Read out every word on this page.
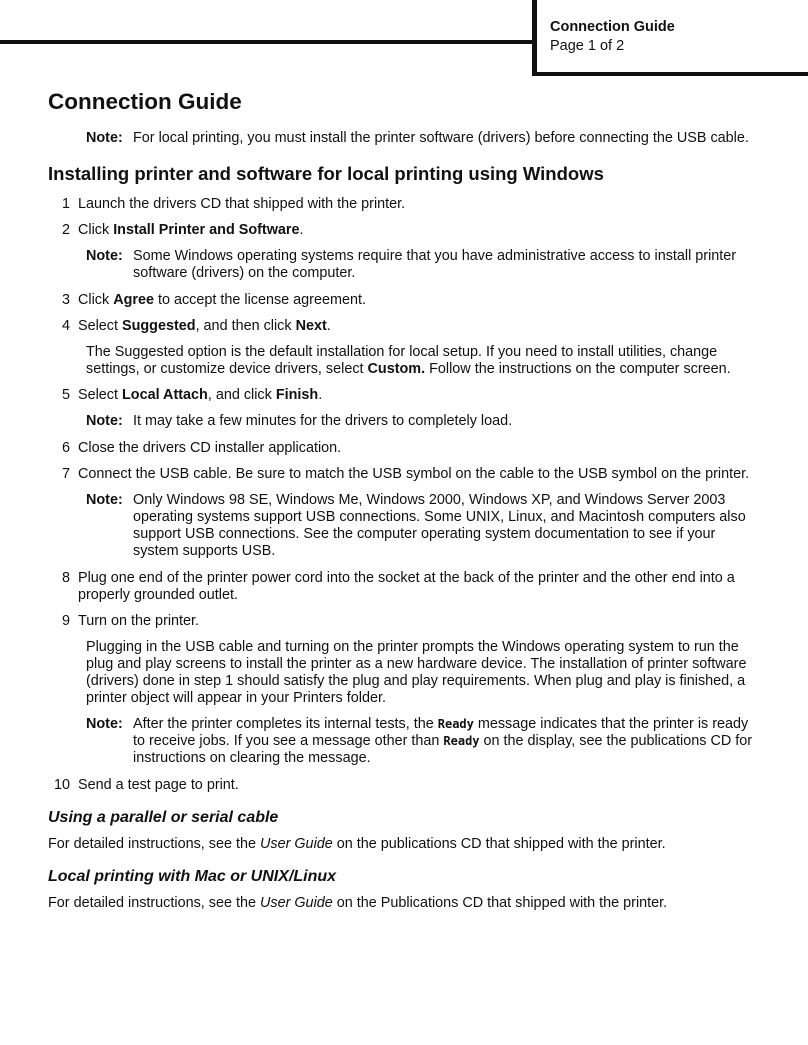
Connection Guide
Page 1 of 2
Connection Guide
Note: For local printing, you must install the printer software (drivers) before connecting the USB cable.
Installing printer and software for local printing using Windows
1 Launch the drivers CD that shipped with the printer.
2 Click Install Printer and Software.
Note: Some Windows operating systems require that you have administrative access to install printer software (drivers) on the computer.
3 Click Agree to accept the license agreement.
4 Select Suggested, and then click Next.

The Suggested option is the default installation for local setup. If you need to install utilities, change settings, or customize device drivers, select Custom. Follow the instructions on the computer screen.

5 Select Local Attach, and click Finish.
Note: It may take a few minutes for the drivers to completely load.
6 Close the drivers CD installer application.
7 Connect the USB cable. Be sure to match the USB symbol on the cable to the USB symbol on the printer.
Note: Only Windows 98 SE, Windows Me, Windows 2000, Windows XP, and Windows Server 2003 operating systems support USB connections. Some UNIX, Linux, and Macintosh computers also support USB connections. See the computer operating system documentation to see if your system supports USB.
8 Plug one end of the printer power cord into the socket at the back of the printer and the other end into a properly grounded outlet.
9 Turn on the printer.

Plugging in the USB cable and turning on the printer prompts the Windows operating system to run the plug and play screens to install the printer as a new hardware device. The installation of printer software (drivers) done in step 1 should satisfy the plug and play requirements. When plug and play is finished, a printer object will appear in your Printers folder.

Note: After the printer completes its internal tests, the Ready message indicates that the printer is ready to receive jobs. If you see a message other than Ready on the display, see the publications CD for instructions on clearing the message.
10 Send a test page to print.
Using a parallel or serial cable

For detailed instructions, see the User Guide on the publications CD that shipped with the printer.

Local printing with Mac or UNIX/Linux

For detailed instructions, see the User Guide on the Publications CD that shipped with the printer.
